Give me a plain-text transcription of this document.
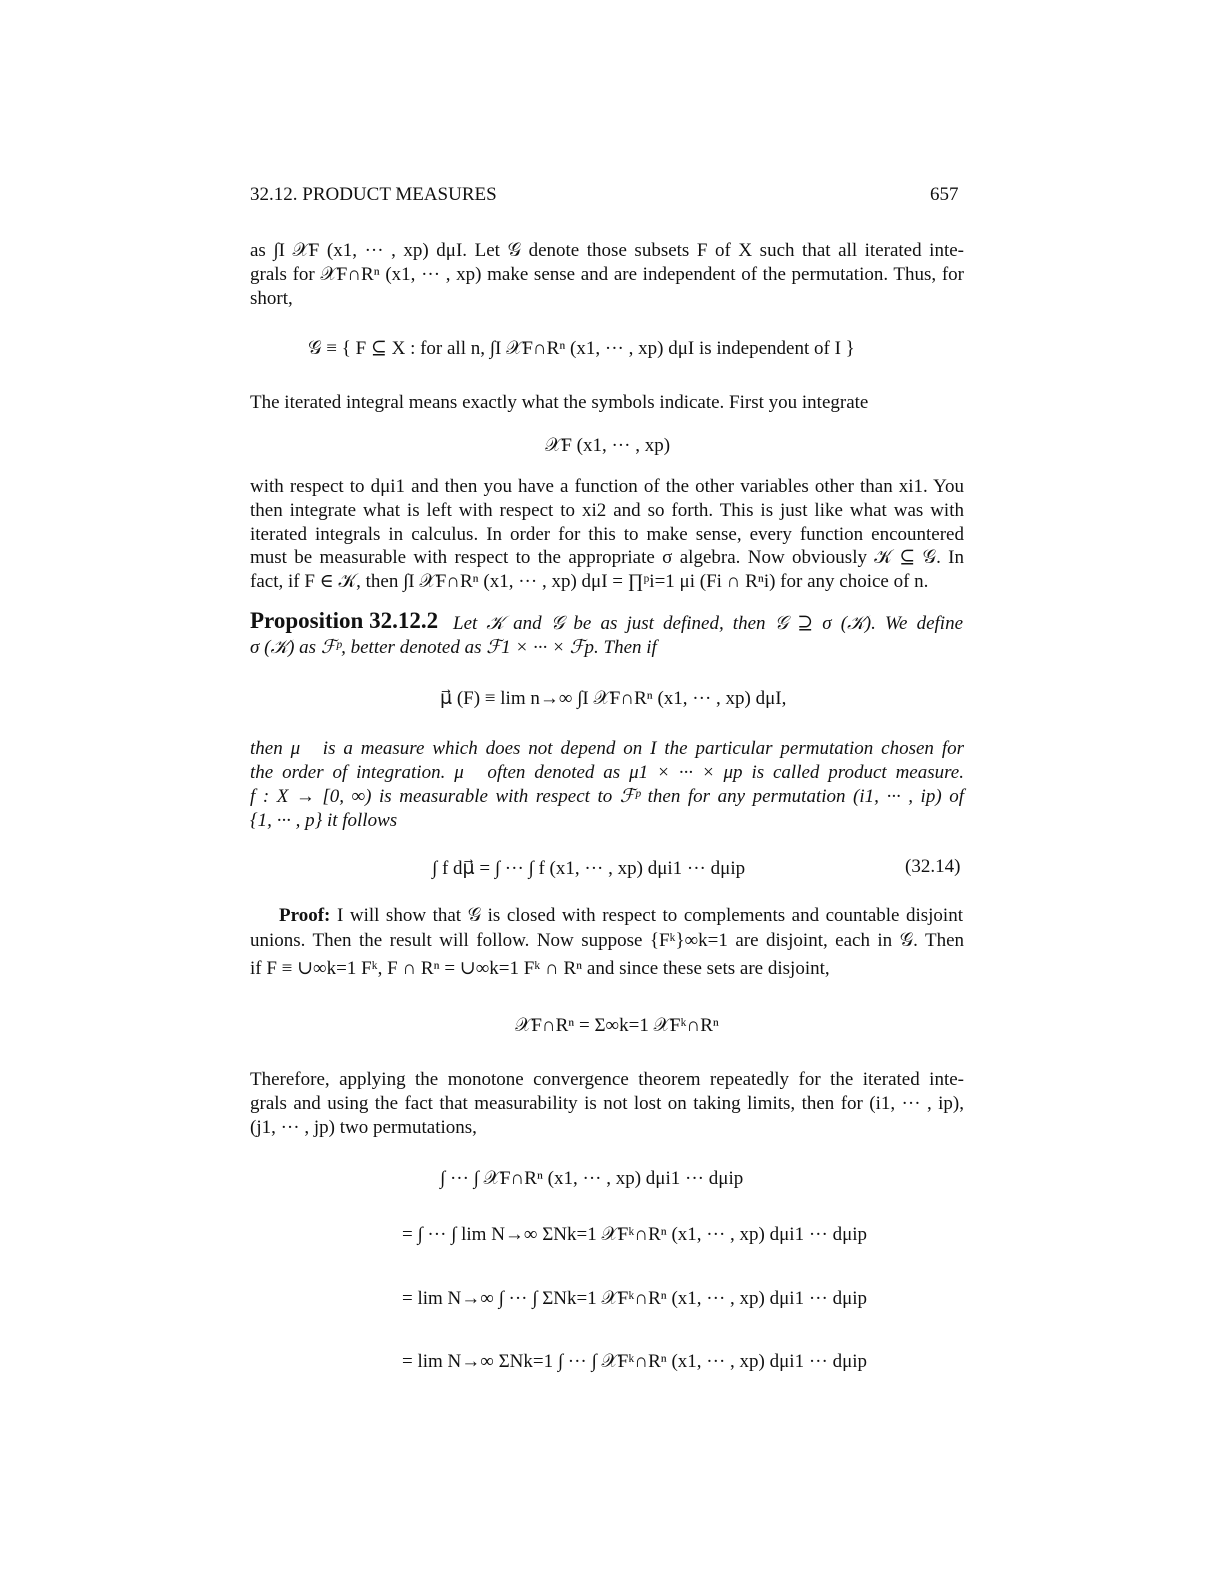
32.12. PRODUCT MEASURES	657
as ∫I 𝒳F (x1, ··· , xp) dμI. Let 𝒢 denote those subsets F of X such that all iterated inte-
grals for 𝒳F∩Rⁿ (x1, ··· , xp) make sense and are independent of the permutation. Thus, for
short,
𝒢 ≡ { F ⊆ X : for all n, ∫I 𝒳F∩Rⁿ (x1, ··· , xp) dμI is independent of I }
The iterated integral means exactly what the symbols indicate. First you integrate
𝒳F (x1, ··· , xp)
with respect to dμi1 and then you have a function of the other variables other than xi1. You
then integrate what is left with respect to xi2 and so forth. This is just like what was with
iterated integrals in calculus. In order for this to make sense, every function encountered
must be measurable with respect to the appropriate σ algebra. Now obviously 𝒦 ⊆ 𝒢. In
fact, if F ∈ 𝒦, then ∫I 𝒳F∩Rⁿ (x1, ··· , xp) dμI = ∏ᵖi=1 μi (Fi ∩ Rⁿi) for any choice of n.
Proposition 32.12.2 Let 𝒦 and 𝒢 be as just defined, then 𝒢 ⊇ σ (𝒦). We define
σ (𝒦) as ℱᵖ, better denoted as ℱ1 × ··· × ℱp. Then if
μ⃗ (F) ≡ lim n→∞ ∫I 𝒳F∩Rⁿ (x1, ··· , xp) dμI,
then μ⃗ is a measure which does not depend on I the particular permutation chosen for
the order of integration. μ⃗ often denoted as μ1 × ··· × μp is called product measure.
f : X → [0, ∞) is measurable with respect to ℱᵖ then for any permutation (i1, ··· , ip) of
{1, ··· , p} it follows
∫ f dμ⃗ = ∫ ··· ∫ f (x1, ··· , xp) dμi1 ··· dμip	(32.14)
Proof: I will show that 𝒢 is closed with respect to complements and countable disjoint
unions. Then the result will follow. Now suppose {Fᵏ}∞k=1 are disjoint, each in 𝒢. Then
if F ≡ ∪∞k=1 Fᵏ, F ∩ Rⁿ = ∪∞k=1 Fᵏ ∩ Rⁿ and since these sets are disjoint,
𝒳F∩Rⁿ = Σ∞k=1 𝒳Fᵏ∩Rⁿ
Therefore, applying the monotone convergence theorem repeatedly for the iterated inte-
grals and using the fact that measurability is not lost on taking limits, then for (i1, ··· , ip),
(j1, ··· , jp) two permutations,
∫ ··· ∫ 𝒳F∩Rⁿ (x1, ··· , xp) dμi1 ··· dμip
= ∫ ··· ∫ lim N→∞ ΣNk=1 𝒳Fᵏ∩Rⁿ (x1, ··· , xp) dμi1 ··· dμip
= lim N→∞ ∫ ··· ∫ ΣNk=1 𝒳Fᵏ∩Rⁿ (x1, ··· , xp) dμi1 ··· dμip
= lim N→∞ ΣNk=1 ∫ ··· ∫ 𝒳Fᵏ∩Rⁿ (x1, ··· , xp) dμi1 ··· dμip
